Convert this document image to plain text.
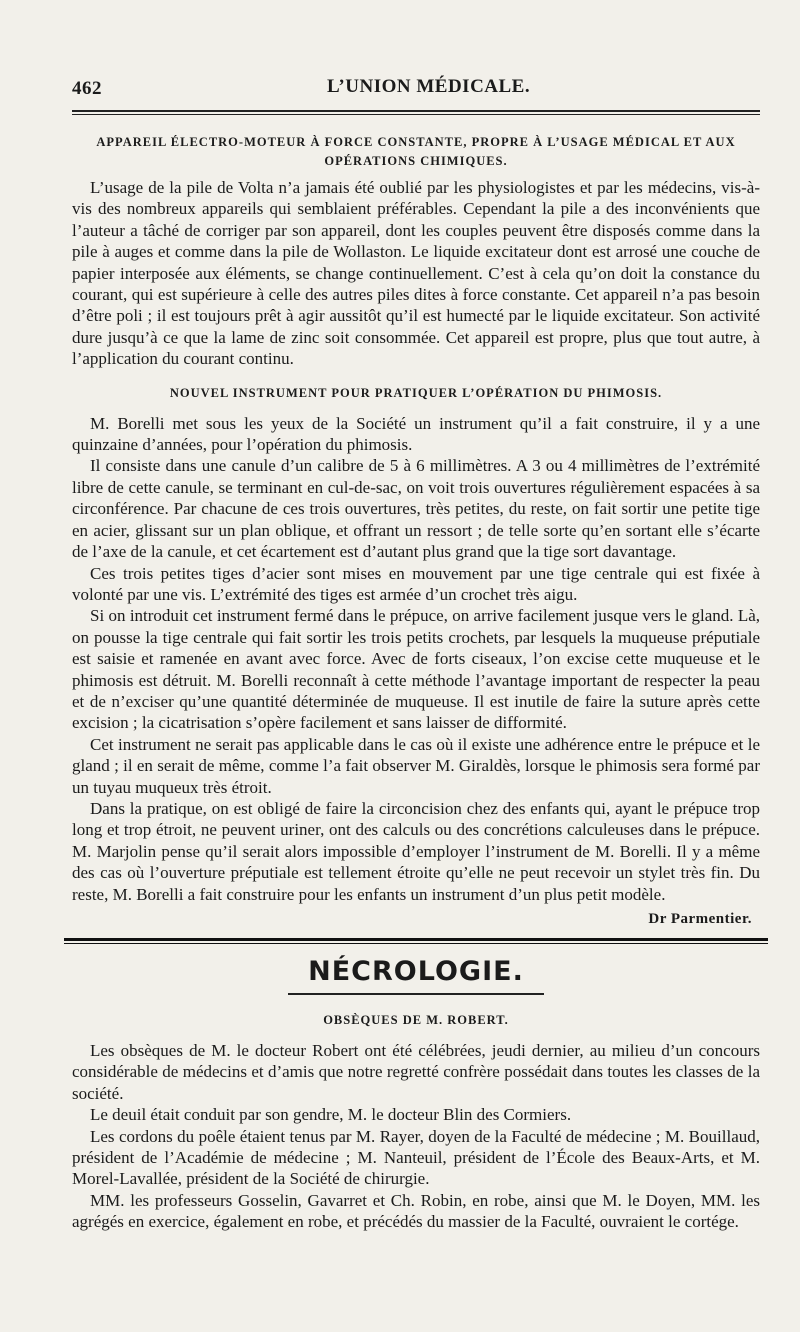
462	L’UNION MÉDICALE.
APPAREIL ÉLECTRO-MOTEUR À FORCE CONSTANTE, PROPRE À L’USAGE MÉDICAL ET AUX OPÉRATIONS CHIMIQUES.

L’usage de la pile de Volta n’a jamais été oublié par les physiologistes et par les médecins, vis-à-vis des nombreux appareils qui semblaient préférables. Cependant la pile a des inconvénients que l’auteur a tâché de corriger par son appareil, dont les couples peuvent être disposés comme dans la pile à auges et comme dans la pile de Wollaston. Le liquide excitateur dont est arrosé une couche de papier interposée aux éléments, se change continuellement. C’est à cela qu’on doit la constance du courant, qui est supérieure à celle des autres piles dites à force constante. Cet appareil n’a pas besoin d’être poli ; il est toujours prêt à agir aussitôt qu’il est humecté par le liquide excitateur. Son activité dure jusqu’à ce que la lame de zinc soit consommée. Cet appareil est propre, plus que tout autre, à l’application du courant continu.

NOUVEL INSTRUMENT POUR PRATIQUER L’OPÉRATION DU PHIMOSIS.

M. Borelli met sous les yeux de la Société un instrument qu’il a fait construire, il y a une quinzaine d’années, pour l’opération du phimosis.

Il consiste dans une canule d’un calibre de 5 à 6 millimètres. A 3 ou 4 millimètres de l’extrémité libre de cette canule, se terminant en cul-de-sac, on voit trois ouvertures régulièrement espacées à sa circonférence. Par chacune de ces trois ouvertures, très petites, du reste, on fait sortir une petite tige en acier, glissant sur un plan oblique, et offrant un ressort ; de telle sorte qu’en sortant elle s’écarte de l’axe de la canule, et cet écartement est d’autant plus grand que la tige sort davantage.

Ces trois petites tiges d’acier sont mises en mouvement par une tige centrale qui est fixée à volonté par une vis. L’extrémité des tiges est armée d’un crochet très aigu.

Si on introduit cet instrument fermé dans le prépuce, on arrive facilement jusque vers le gland. Là, on pousse la tige centrale qui fait sortir les trois petits crochets, par lesquels la muqueuse préputiale est saisie et ramenée en avant avec force. Avec de forts ciseaux, l’on excise cette muqueuse et le phimosis est détruit. M. Borelli reconnaît à cette méthode l’avantage important de respecter la peau et de n’exciser qu’une quantité déterminée de muqueuse. Il est inutile de faire la suture après cette excision ; la cicatrisation s’opère facilement et sans laisser de difformité.

Cet instrument ne serait pas applicable dans le cas où il existe une adhérence entre le prépuce et le gland ; il en serait de même, comme l’a fait observer M. Giraldès, lorsque le phimosis sera formé par un tuyau muqueux très étroit.

Dans la pratique, on est obligé de faire la circoncision chez des enfants qui, ayant le prépuce trop long et trop étroit, ne peuvent uriner, ont des calculs ou des concrétions calculeuses dans le prépuce. M. Marjolin pense qu’il serait alors impossible d’employer l’instrument de M. Borelli. Il y a même des cas où l’ouverture préputiale est tellement étroite qu’elle ne peut recevoir un stylet très fin. Du reste, M. Borelli a fait construire pour les enfants un instrument d’un plus petit modèle.

Dr Parmentier.
NÉCROLOGIE.
OBSÈQUES DE M. ROBERT.

Les obsèques de M. le docteur Robert ont été célébrées, jeudi dernier, au milieu d’un concours considérable de médecins et d’amis que notre regretté confrère possédait dans toutes les classes de la société.

Le deuil était conduit par son gendre, M. le docteur Blin des Cormiers.

Les cordons du poêle étaient tenus par M. Rayer, doyen de la Faculté de médecine ; M. Bouillaud, président de l’Académie de médecine ; M. Nanteuil, président de l’École des Beaux-Arts, et M. Morel-Lavallée, président de la Société de chirurgie.

MM. les professeurs Gosselin, Gavarret et Ch. Robin, en robe, ainsi que M. le Doyen, MM. les agrégés en exercice, également en robe, et précédés du massier de la Faculté, ouvraient le cortége.
